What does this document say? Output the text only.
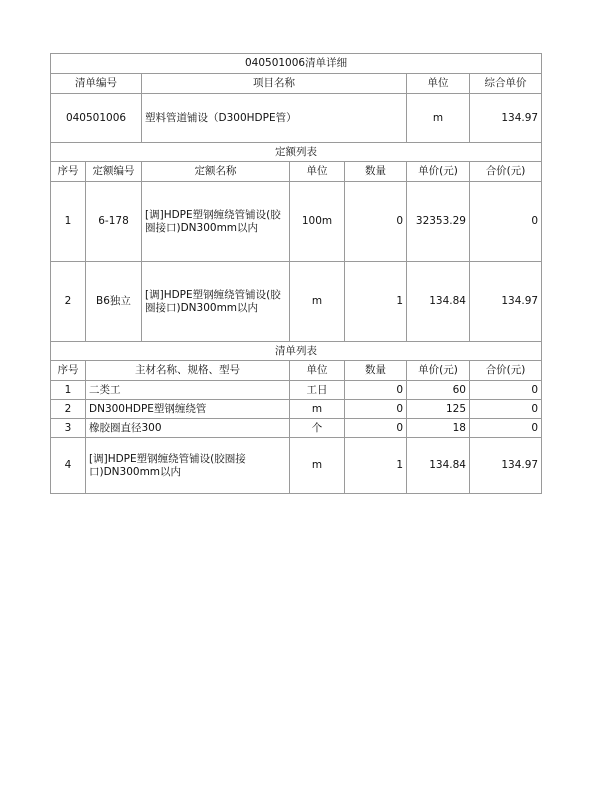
040501006清单详细						
清单编号		项目名称			单位	综合单价
040501006		塑料管道铺设（D300HDPE管）			m	134.97
定额列表						
序号	定额编号	定额名称	单位	数量	单价(元)	合价(元)
1	6-178	[调]HDPE塑钢缠绕管铺设(胶圈接口)DN300mm以内	100m	0	32353.29	0
2	B6独立	[调]HDPE塑钢缠绕管铺设(胶圈接口)DN300mm以内	m	1	134.84	134.97
清单列表						
序号	主材名称、规格、型号		单位	数量	单价(元)	合价(元)
1	二类工		工日	0	60	0
2	DN300HDPE塑钢缠绕管		m	0	125	0
3	橡胶圈直径300		个	0	18	0
4	[调]HDPE塑钢缠绕管铺设(胶圈接口)DN300mm以内		m	1	134.84	134.97
